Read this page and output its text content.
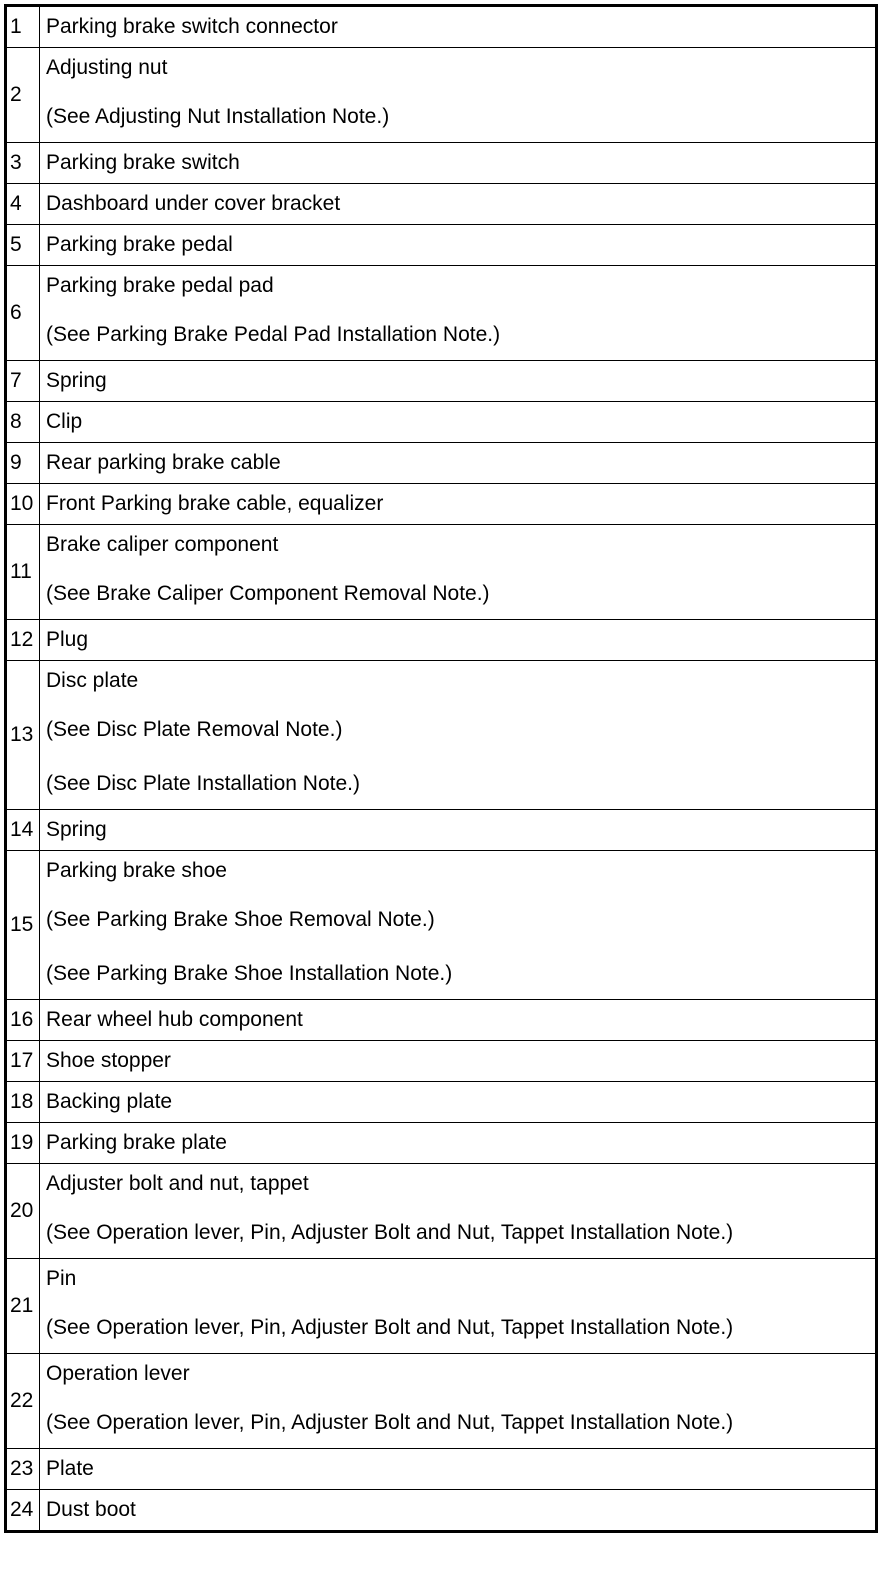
1	Parking brake switch connector

2	Adjusting nut
(See Adjusting Nut Installation Note.)

3	Parking brake switch

4	Dashboard under cover bracket

5	Parking brake pedal

6	Parking brake pedal pad
(See Parking Brake Pedal Pad Installation Note.)

7	Spring

8	Clip

9	Rear parking brake cable

10	Front Parking brake cable, equalizer

11	Brake caliper component
(See Brake Caliper Component Removal Note.)

12	Plug

13	Disc plate
(See Disc Plate Removal Note.)
(See Disc Plate Installation Note.)

14	Spring

15	Parking brake shoe
(See Parking Brake Shoe Removal Note.)
(See Parking Brake Shoe Installation Note.)

16	Rear wheel hub component

17	Shoe stopper

18	Backing plate

19	Parking brake plate

20	Adjuster bolt and nut, tappet
(See Operation lever, Pin, Adjuster Bolt and Nut, Tappet Installation Note.)

21	Pin
(See Operation lever, Pin, Adjuster Bolt and Nut, Tappet Installation Note.)

22	Operation lever
(See Operation lever, Pin, Adjuster Bolt and Nut, Tappet Installation Note.)

23	Plate

24	Dust boot
